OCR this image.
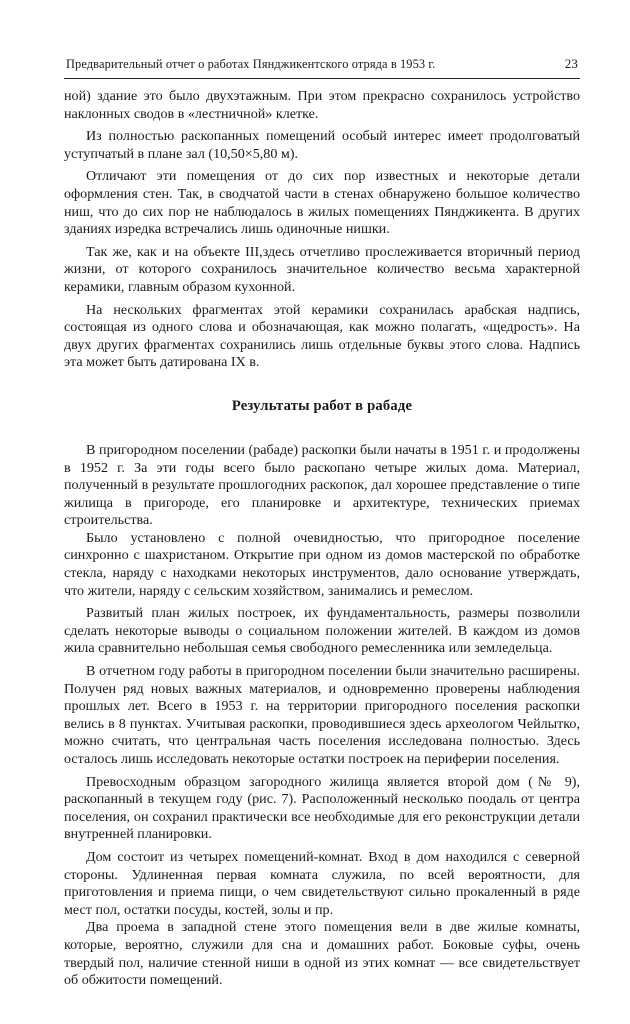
Предварительный отчет о работах Пянджикентского отряда в 1953 г.	23

ной) здание это было двухэтажным. При этом прекрасно сохранилось устройство наклонных сводов в «лестничной» клетке.

Из полностью раскопанных помещений особый интерес имеет продолговатый уступчатый в плане зал (10,50×5,80 м).

Отличают эти помещения от до сих пор известных и некоторые детали оформления стен. Так, в сводчатой части в стенах обнаружено большое количество ниш, что до сих пор не наблюдалось в жилых помещениях Пянджикента. В других зданиях изредка встречались лишь одиночные нишки.

Так же, как и на объекте III,здесь отчетливо прослеживается вторичный период жизни, от которого сохранилось значительное количество весьма характерной керамики, главным образом кухонной.

На нескольких фрагментах этой керамики сохранилась арабская надпись, состоящая из одного слова и обозначающая, как можно полагать, «щедрость». На двух других фрагментах сохранились лишь отдельные буквы этого слова. Надпись эта может быть датирована IX в.

Результаты работ в рабаде

В пригородном поселении (рабаде) раскопки были начаты в 1951 г. и продолжены в 1952 г. За эти годы всего было раскопано четыре жилых дома. Материал, полученный в результате прошлогодних раскопок, дал хорошее представление о типе жилища в пригороде, его планировке и архитектуре, технических приемах строительства.

Было установлено с полной очевидностью, что пригородное поселение синхронно с шахристаном. Открытие при одном из домов мастерской по обработке стекла, наряду с находками некоторых инструментов, дало основание утверждать, что жители, наряду с сельским хозяйством, занимались и ремеслом.

Развитый план жилых построек, их фундаментальность, размеры позволили сделать некоторые выводы о социальном положении жителей. В каждом из домов жила сравнительно небольшая семья свободного ремесленника или земледельца.

В отчетном году работы в пригородном поселении были значительно расширены. Получен ряд новых важных материалов, и одновременно проверены наблюдения прошлых лет. Всего в 1953 г. на территории пригородного поселения раскопки велись в 8 пунктах. Учитывая раскопки, проводившиеся здесь археологом Чейлытко, можно считать, что центральная часть поселения исследована полностью. Здесь осталось лишь исследовать некоторые остатки построек на периферии поселения.

Превосходным образцом загородного жилища является второй дом (№ 9), раскопанный в текущем году (рис. 7). Расположенный несколько поодаль от центра поселения, он сохранил практически все необходимые для его реконструкции детали внутренней планировки.

Дом состоит из четырех помещений-комнат. Вход в дом находился с северной стороны. Удлиненная первая комната служила, по всей вероятности, для приготовления и приема пищи, о чем свидетельствуют сильно прокаленный в ряде мест пол, остатки посуды, костей, золы и пр.

Два проема в западной стене этого помещения вели в две жилые комнаты, которые, вероятно, служили для сна и домашних работ. Боковые суфы, очень твердый пол, наличие стенной ниши в одной из этих комнат — все свидетельствует об обжитости помещений.
